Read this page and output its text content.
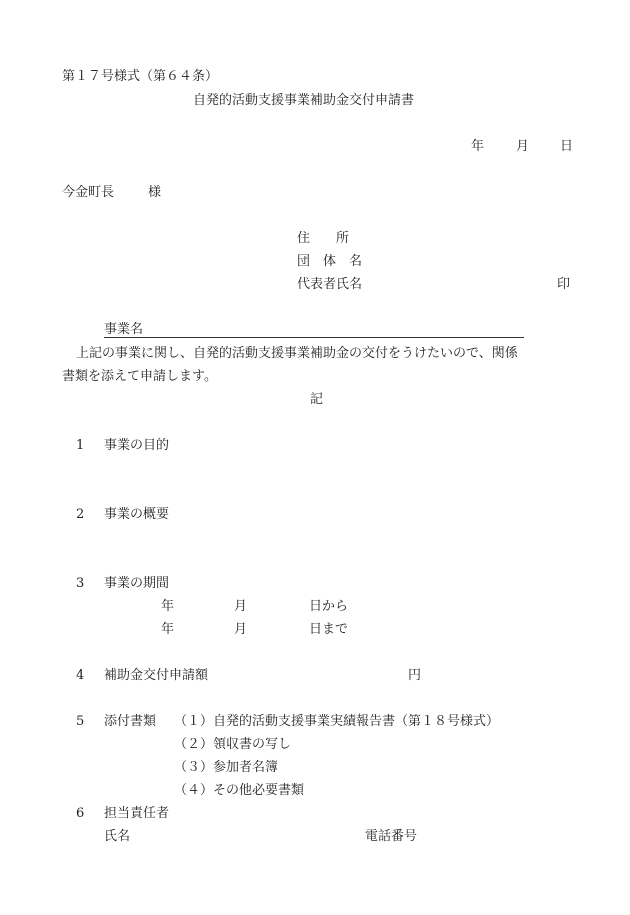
第１７号様式（第６４条）
自発的活動支援事業補助金交付申請書
年 月 日
今金町長	様
住　　所
団　体　名
代表者氏名	印
事業名
上記の事業に関し、自発的活動支援事業補助金の交付をうけたいので、関係
書類を添えて申請します。
記
1 事業の目的
2 事業の概要
3 事業の期間
年	月	日から
年	月	日まで
4 補助金交付申請額	円
5 添付書類 （１）自発的活動支援事業実績報告書（第１８号様式）
（２）領収書の写し
（３）参加者名簿
（４）その他必要書類
6 担当責任者
氏名	電話番号
